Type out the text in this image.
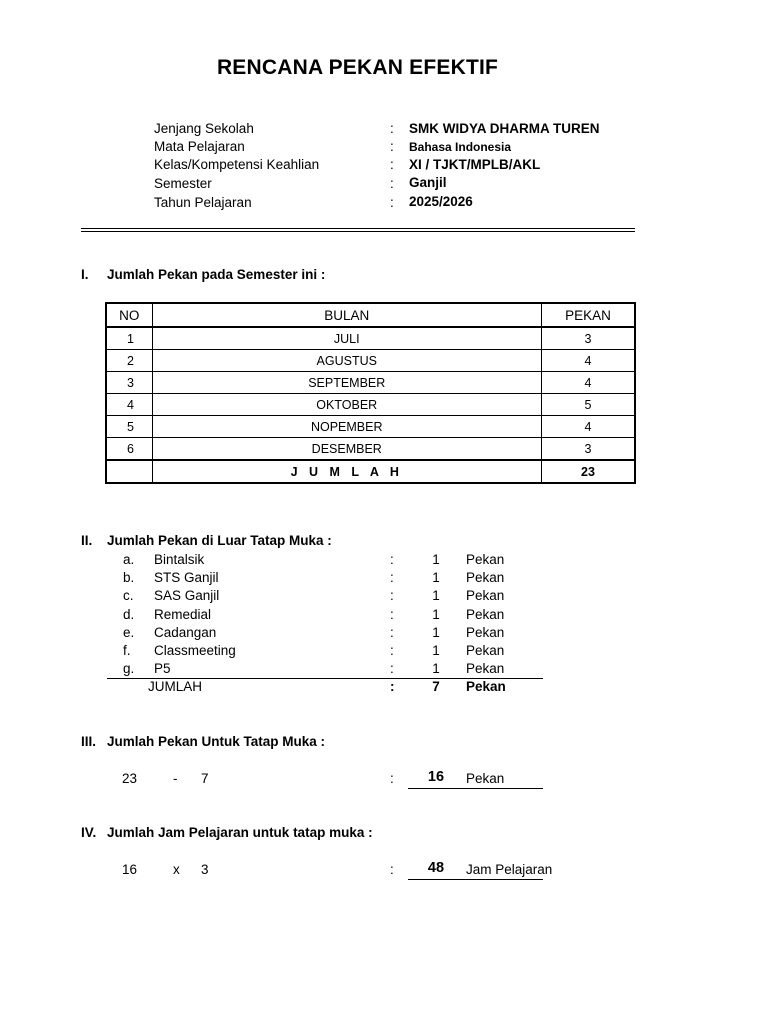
RENCANA PEKAN EFEKTIF
Jenjang Sekolah	: SMK WIDYA DHARMA TUREN
Mata Pelajaran	: Bahasa Indonesia
Kelas/Kompetensi Keahlian	: XI / TJKT/MPLB/AKL
Semester	: Ganjil
Tahun Pelajaran	: 2025/2026
I. Jumlah Pekan pada Semester ini :
NO	BULAN	PEKAN
1	JULI	3
2	AGUSTUS	4
3	SEPTEMBER	4
4	OKTOBER	5
5	NOPEMBER	4
6	DESEMBER	3
	J U M L A H	23
II. Jumlah Pekan di Luar Tatap Muka :
a. Bintalsik	:	1	Pekan
b. STS Ganjil	:	1	Pekan
c. SAS Ganjil	:	1	Pekan
d. Remedial	:	1	Pekan
e. Cadangan	:	1	Pekan
f. Classmeeting	:	1	Pekan
g. P5	:	1	Pekan
JUMLAH	:	7	Pekan
III. Jumlah Pekan Untuk Tatap Muka :
23	- 7	: 16 Pekan
IV. Jumlah Jam Pelajaran untuk tatap muka :
16	x 3	: 48 Jam Pelajaran
